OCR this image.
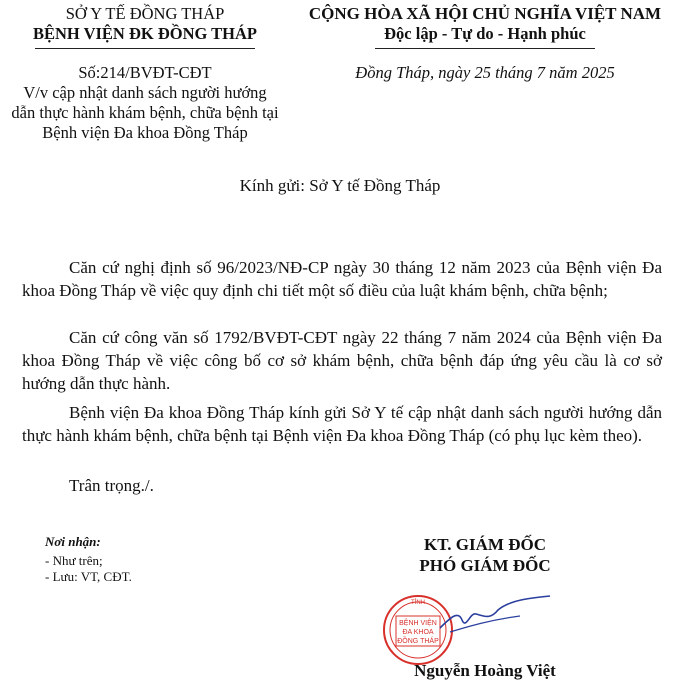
SỞ Y TẾ ĐỒNG THÁP
BỆNH VIỆN ĐK ĐỒNG THÁP
Số:214/BVĐT-CĐT
V/v cập nhật danh sách người hướng
dẫn thực hành khám bệnh, chữa bệnh tại
Bệnh viện Đa khoa Đồng Tháp
CỘNG HÒA XÃ HỘI CHỦ NGHĨA VIỆT NAM
Độc lập - Tự do - Hạnh phúc
Đồng Tháp, ngày 25 tháng 7 năm 2025
Kính gửi: Sở Y tế Đồng Tháp
Căn cứ nghị định số 96/2023/NĐ-CP ngày 30 tháng 12 năm 2023 của Bệnh viện Đa khoa Đồng Tháp về việc quy định chi tiết một số điều của luật khám bệnh, chữa bệnh;
Căn cứ công văn số 1792/BVĐT-CĐT ngày 22 tháng 7 năm 2024 của Bệnh viện Đa khoa Đồng Tháp về việc công bố cơ sở khám bệnh, chữa bệnh đáp ứng yêu cầu là cơ sở hướng dẫn thực hành.
Bệnh viện Đa khoa Đồng Tháp kính gửi Sở Y tế cập nhật danh sách người hướng dẫn thực hành khám bệnh, chữa bệnh tại Bệnh viện Đa khoa Đồng Tháp (có phụ lục kèm theo).
Trân trọng./.
Nơi nhận:
- Như trên;
- Lưu: VT, CĐT.
KT. GIÁM ĐỐC
PHÓ GIÁM ĐỐC
TỈNH
BỆNH VIỆN
ĐA KHOA
ĐỒNG THÁP
Nguyễn Hoàng Việt
